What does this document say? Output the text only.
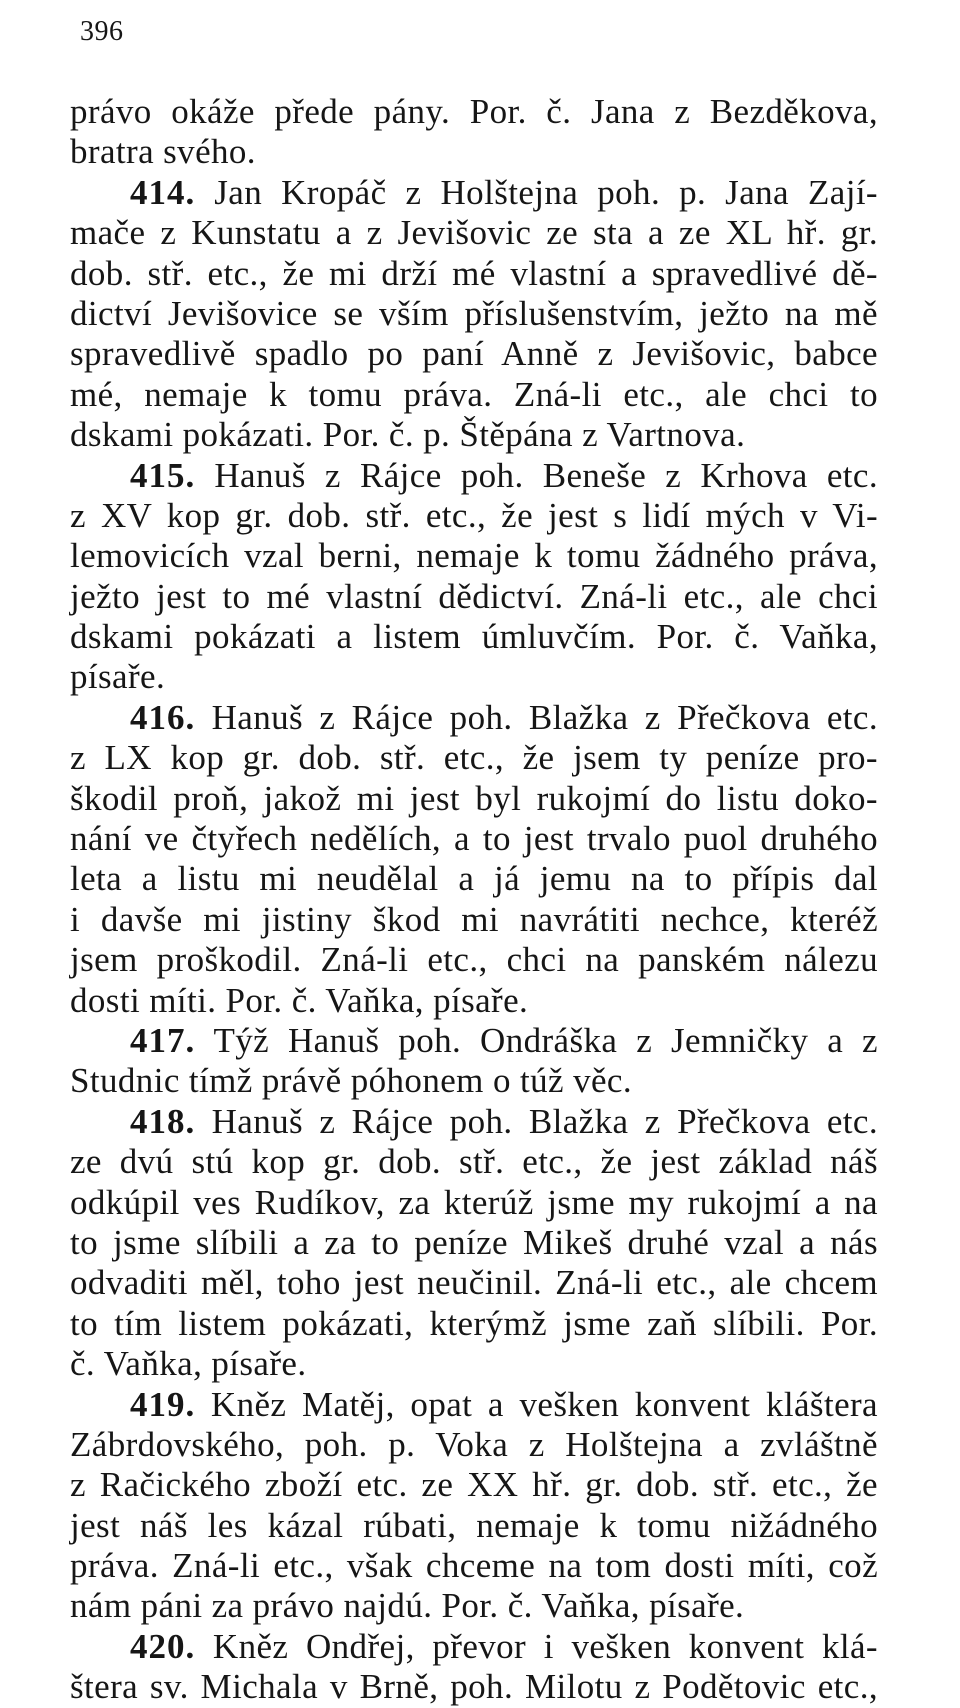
396
právo okáže přede pány. Por. č. Jana z Bezděkova,
bratra svého.
414. Jan Kropáč z Holštejna poh. p. Jana Zají-
mače z Kunstatu a z Jevišovic ze sta a ze XL hř. gr.
dob. stř. etc., že mi drží mé vlastní a spravedlivé dě-
dictví Jevišovice se vším příslušenstvím, ježto na mě
spravedlivě spadlo po paní Anně z Jevišovic, babce
mé, nemaje k tomu práva. Zná-li etc., ale chci to
dskami pokázati. Por. č. p. Štěpána z Vartnova.
415. Hanuš z Rájce poh. Beneše z Krhova etc.
z XV kop gr. dob. stř. etc., že jest s lidí mých v Vi-
lemovicích vzal berni, nemaje k tomu žádného práva,
ježto jest to mé vlastní dědictví. Zná-li etc., ale chci
dskami pokázati a listem úmluvčím. Por. č. Vaňka,
písaře.
416. Hanuš z Rájce poh. Blažka z Přečkova etc.
z LX kop gr. dob. stř. etc., že jsem ty peníze pro-
škodil proň, jakož mi jest byl rukojmí do listu doko-
nání ve čtyřech nedělích, a to jest trvalo puol druhého
leta a listu mi neudělal a já jemu na to přípis dal
i davše mi jistiny škod mi navrátiti nechce, kteréž
jsem proškodil. Zná-li etc., chci na panském nálezu
dosti míti. Por. č. Vaňka, písaře.
417. Týž Hanuš poh. Ondráška z Jemničky a z
Studnic tímž právě póhonem o túž věc.
418. Hanuš z Rájce poh. Blažka z Přečkova etc.
ze dvú stú kop gr. dob. stř. etc., že jest základ náš
odkúpil ves Rudíkov, za kterúž jsme my rukojmí a na
to jsme slíbili a za to peníze Mikeš druhé vzal a nás
odvaditi měl, toho jest neučinil. Zná-li etc., ale chcem
to tím listem pokázati, kterýmž jsme zaň slíbili. Por.
č. Vaňka, písaře.
419. Kněz Matěj, opat a veškеn konvent kláštera
Zábrdovského, poh. p. Voka z Holštejna a zvláštně
z Račického zboží etc. ze XX hř. gr. dob. stř. etc., že
jest náš les kázal rúbati, nemaje k tomu nižádného
práva. Zná-li etc., však chceme na tom dosti míti, což
nám páni za právo najdú. Por. č. Vaňka, písaře.
420. Kněz Ondřej, převor i veškеn konvent klá-
štera sv. Michala v Brně, poh. Milotu z Podětovic etc.,
